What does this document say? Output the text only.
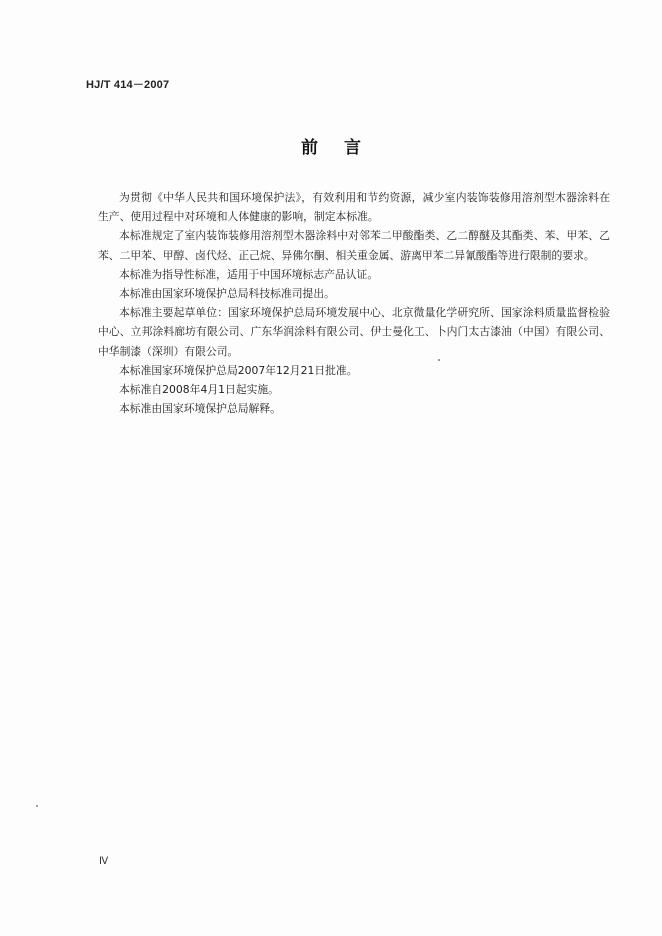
HJ/T 414－2007
前言

为贯彻《中华人民共和国环境保护法》，有效利用和节约资源，减少室内装饰装修用溶剂型木器涂料在生产、使用过程中对环境和人体健康的影响，制定本标准。

本标准规定了室内装饰装修用溶剂型木器涂料中对邻苯二甲酸酯类、乙二醇醚及其酯类、苯、甲苯、乙苯、二甲苯、甲醇、卤代烃、正己烷、异佛尔酮、相关重金属、游离甲苯二异氰酸酯等进行限制的要求。

本标准为指导性标准，适用于中国环境标志产品认证。

本标准由国家环境保护总局科技标准司提出。

本标准主要起草单位：国家环境保护总局环境发展中心、北京微量化学研究所、国家涂料质量监督检验中心、立邦涂料廊坊有限公司、广东华润涂料有限公司、伊士曼化工、卜内门太古漆油（中国）有限公司、中华制漆（深圳）有限公司。

本标准国家环境保护总局2007年12月21日批准。

本标准自2008年4月1日起实施。

本标准由国家环境保护总局解释。

Ⅳ
